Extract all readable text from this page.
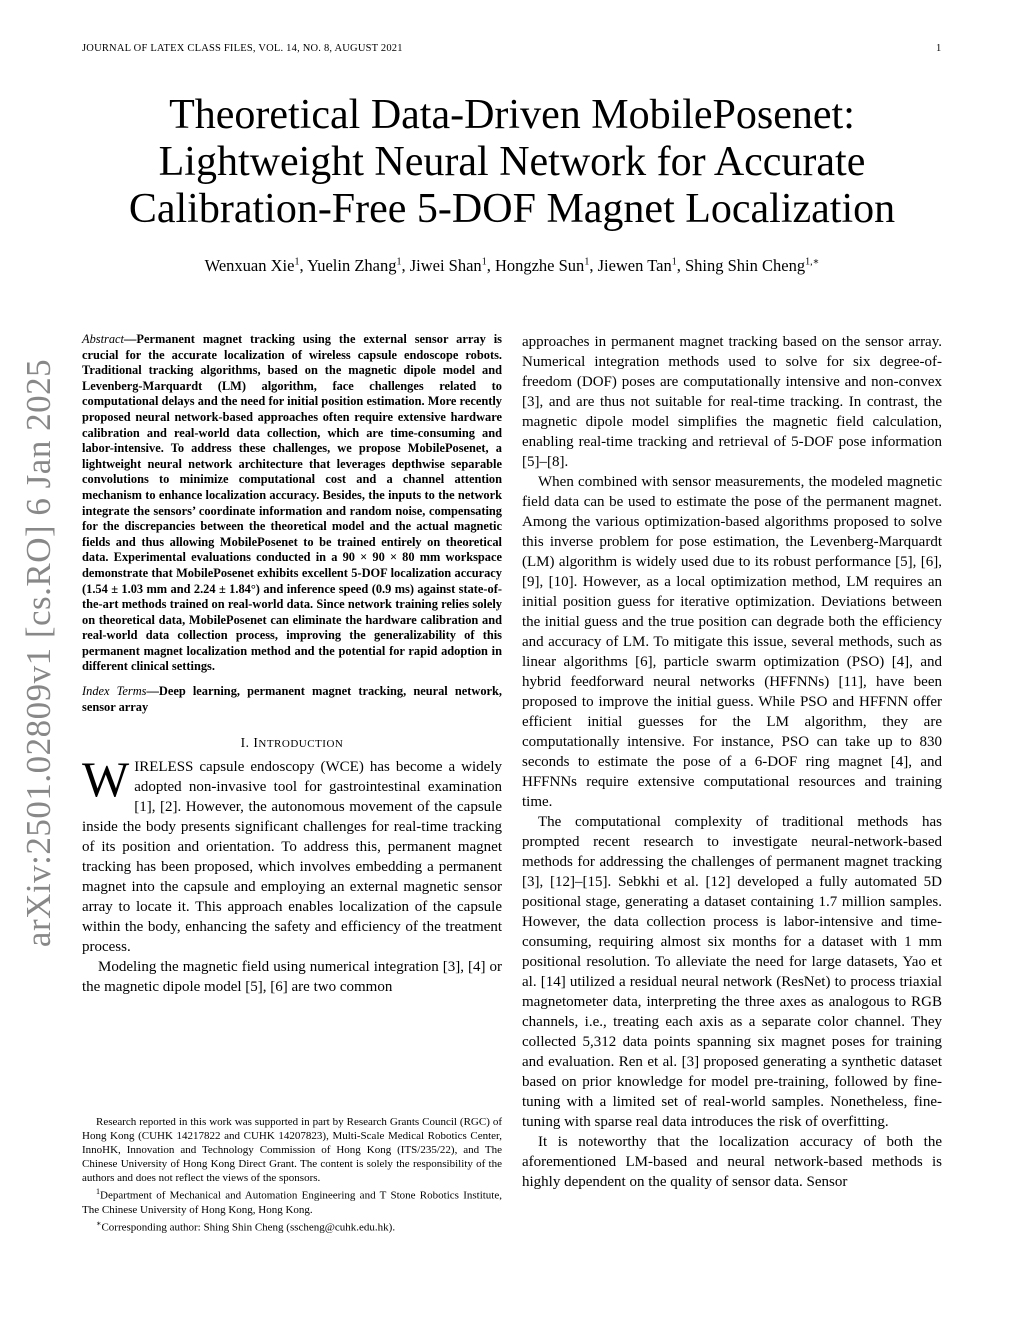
JOURNAL OF LATEX CLASS FILES, VOL. 14, NO. 8, AUGUST 2021	1
arXiv:2501.02809v1 [cs.RO] 6 Jan 2025
Theoretical Data-Driven MobilePosenet:
Lightweight Neural Network for Accurate
Calibration-Free 5-DOF Magnet Localization
Wenxuan Xie$^1$, Yuelin Zhang$^1$, Jiwei Shan$^1$, Hongzhe Sun$^1$, Jiewen Tan$^1$, Shing Shin Cheng$^{1,∗}$

Abstract—Permanent magnet tracking using the external sensor array is crucial for the accurate localization of wireless capsule endoscope robots. Traditional tracking algorithms, based on the magnetic dipole model and Levenberg-Marquardt (LM) algorithm, face challenges related to computational delays and the need for initial position estimation. More recently proposed neural network-based approaches often require extensive hardware calibration and real-world data collection, which are time-consuming and labor-intensive. To address these challenges, we propose MobilePosenet, a lightweight neural network architecture that leverages depthwise separable convolutions to minimize computational cost and a channel attention mechanism to enhance localization accuracy. Besides, the inputs to the network integrate the sensors’ coordinate information and random noise, compensating for the discrepancies between the theoretical model and the actual magnetic fields and thus allowing MobilePosenet to be trained entirely on theoretical data. Experimental evaluations conducted in a 90 × 90 × 80 mm workspace demonstrate that MobilePosenet exhibits excellent 5-DOF localization accuracy (1.54 ± 1.03 mm and 2.24 ± 1.84°) and inference speed (0.9 ms) against state-of-the-art methods trained on real-world data. Since network training relies solely on theoretical data, MobilePosenet can eliminate the hardware calibration and real-world data collection process, improving the generalizability of this permanent magnet localization method and the potential for rapid adoption in different clinical settings.

Index Terms—Deep learning, permanent magnet tracking, neural network, sensor array

I. INTRODUCTION

WIRELESS capsule endoscopy (WCE) has become a widely adopted non-invasive tool for gastrointestinal examination [1], [2]. However, the autonomous movement of the capsule inside the body presents significant challenges for real-time tracking of its position and orientation. To address this, permanent magnet tracking has been proposed, which involves embedding a permanent magnet into the capsule and employing an external magnetic sensor array to locate it. This approach enables localization of the capsule within the body, enhancing the safety and efficiency of the treatment process.

Modeling the magnetic field using numerical integration [3], [4] or the magnetic dipole model [5], [6] are two common

approaches in permanent magnet tracking based on the sensor array. Numerical integration methods used to solve for six degree-of-freedom (DOF) poses are computationally intensive and non-convex [3], and are thus not suitable for real-time tracking. In contrast, the magnetic dipole model simplifies the magnetic field calculation, enabling real-time tracking and retrieval of 5-DOF pose information [5]–[8].

When combined with sensor measurements, the modeled magnetic field data can be used to estimate the pose of the permanent magnet. Among the various optimization-based algorithms proposed to solve this inverse problem for pose estimation, the Levenberg-Marquardt (LM) algorithm is widely used due to its robust performance [5], [6], [9], [10]. However, as a local optimization method, LM requires an initial position guess for iterative optimization. Deviations between the initial guess and the true position can degrade both the efficiency and accuracy of LM. To mitigate this issue, several methods, such as linear algorithms [6], particle swarm optimization (PSO) [4], and hybrid feedforward neural networks (HFFNNs) [11], have been proposed to improve the initial guess. While PSO and HFFNN offer efficient initial guesses for the LM algorithm, they are computationally intensive. For instance, PSO can take up to 830 seconds to estimate the pose of a 6-DOF ring magnet [4], and HFFNNs require extensive computational resources and training time.

The computational complexity of traditional methods has prompted recent research to investigate neural-network-based methods for addressing the challenges of permanent magnet tracking [3], [12]–[15]. Sebkhi et al. [12] developed a fully automated 5D positional stage, generating a dataset containing 1.7 million samples. However, the data collection process is labor-intensive and time-consuming, requiring almost six months for a dataset with 1 mm positional resolution. To alleviate the need for large datasets, Yao et al. [14] utilized a residual neural network (ResNet) to process triaxial magnetometer data, interpreting the three axes as analogous to RGB channels, i.e., treating each axis as a separate color channel. They collected 5,312 data points spanning six magnet poses for training and evaluation. Ren et al. [3] proposed generating a synthetic dataset based on prior knowledge for model pre-training, followed by fine-tuning with a limited set of real-world samples. Nonetheless, fine-tuning with sparse real data introduces the risk of overfitting.

It is noteworthy that the localization accuracy of both the aforementioned LM-based and neural network-based methods is highly dependent on the quality of sensor data. Sensor

Research reported in this work was supported in part by Research Grants Council (RGC) of Hong Kong (CUHK 14217822 and CUHK 14207823), Multi-Scale Medical Robotics Center, InnoHK, Innovation and Technology Commission of Hong Kong (ITS/235/22), and The Chinese University of Hong Kong Direct Grant. The content is solely the responsibility of the authors and does not reflect the views of the sponsors.

$^1$Department of Mechanical and Automation Engineering and T Stone Robotics Institute, The Chinese University of Hong Kong, Hong Kong.

∗Corresponding author: Shing Shin Cheng (sscheng@cuhk.edu.hk).
